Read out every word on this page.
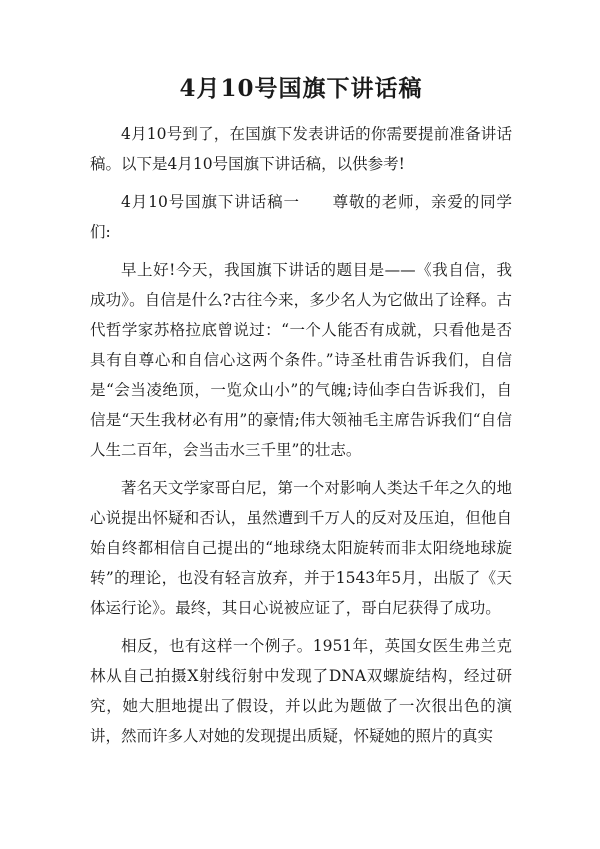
4月10号国旗下讲话稿

4月10号到了，在国旗下发表讲话的你需要提前准备讲话稿。以下是4月10号国旗下讲话稿，以供参考!

4月10号国旗下讲话稿一　　尊敬的老师，亲爱的同学们:

早上好!今天，我国旗下讲话的题目是——《我自信，我成功》。自信是什么?古往今来，多少名人为它做出了诠释。古代哲学家苏格拉底曾说过：“一个人能否有成就，只看他是否具有自尊心和自信心这两个条件。”诗圣杜甫告诉我们，自信是“会当凌绝顶，一览众山小”的气魄;诗仙李白告诉我们，自信是“天生我材必有用”的豪情;伟大领袖毛主席告诉我们“自信人生二百年，会当击水三千里”的壮志。

著名天文学家哥白尼，第一个对影响人类达千年之久的地心说提出怀疑和否认，虽然遭到千万人的反对及压迫，但他自始自终都相信自己提出的“地球绕太阳旋转而非太阳绕地球旋转”的理论，也没有轻言放弃，并于1543年5月，出版了《天体运行论》。最终，其日心说被应证了，哥白尼获得了成功。

相反，也有这样一个例子。1951年，英国女医生弗兰克林从自己拍摄X射线衍射中发现了DNA双螺旋结构，经过研究，她大胆地提出了假设，并以此为题做了一次很出色的演讲，然而许多人对她的发现提出质疑，怀疑她的照片的真实
